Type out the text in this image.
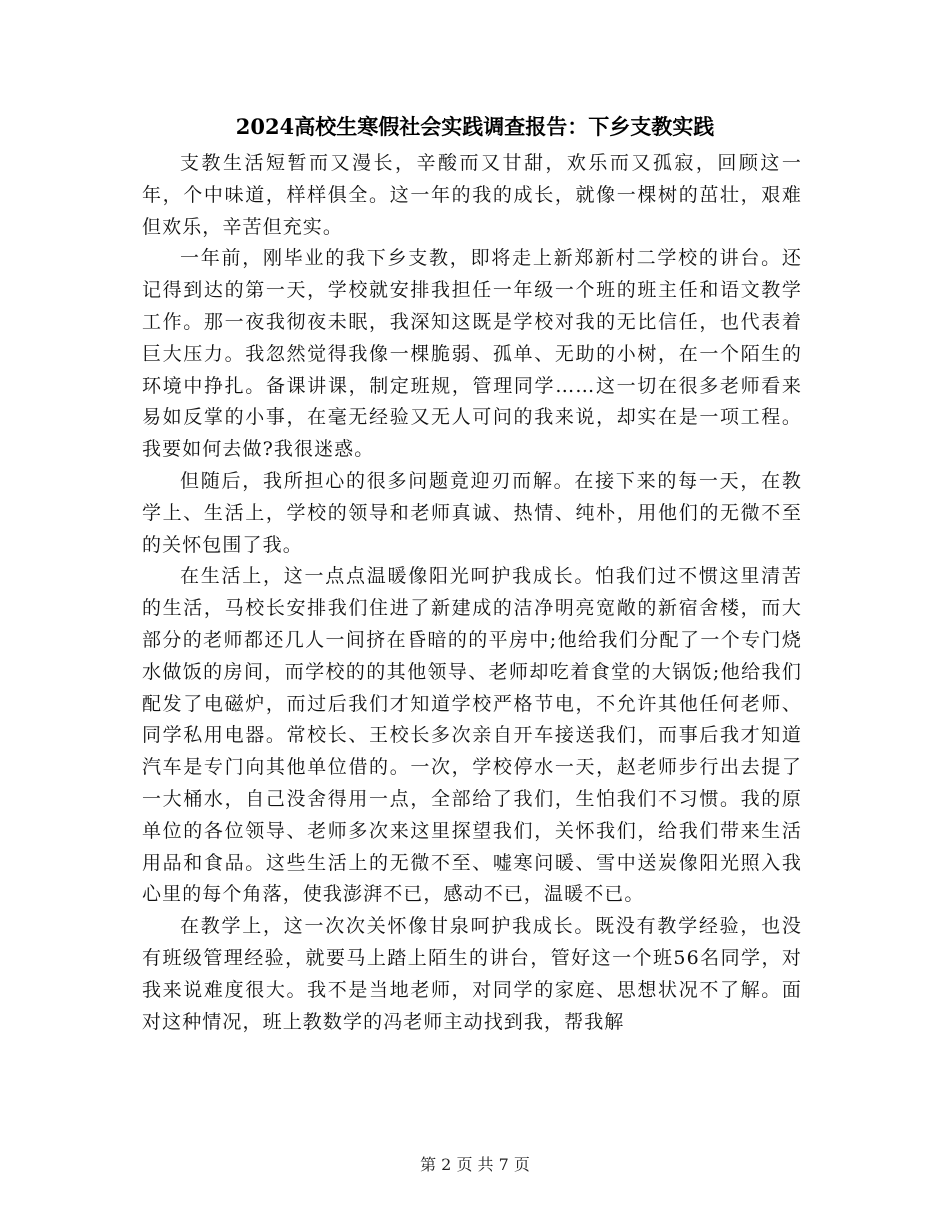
2024高校生寒假社会实践调查报告：下乡支教实践

支教生活短暂而又漫长，辛酸而又甘甜，欢乐而又孤寂，回顾这一年，个中味道，样样俱全。这一年的我的成长，就像一棵树的茁壮，艰难但欢乐，辛苦但充实。

一年前，刚毕业的我下乡支教，即将走上新郑新村二学校的讲台。还记得到达的第一天，学校就安排我担任一年级一个班的班主任和语文教学工作。那一夜我彻夜未眠，我深知这既是学校对我的无比信任，也代表着巨大压力。我忽然觉得我像一棵脆弱、孤单、无助的小树，在一个陌生的环境中挣扎。备课讲课，制定班规，管理同学……这一切在很多老师看来易如反掌的小事，在毫无经验又无人可问的我来说，却实在是一项工程。我要如何去做?我很迷惑。

但随后，我所担心的很多问题竟迎刃而解。在接下来的每一天，在教学上、生活上，学校的领导和老师真诚、热情、纯朴，用他们的无微不至的关怀包围了我。

在生活上，这一点点温暖像阳光呵护我成长。怕我们过不惯这里清苦的生活，马校长安排我们住进了新建成的洁净明亮宽敞的新宿舍楼，而大部分的老师都还几人一间挤在昏暗的的平房中;他给我们分配了一个专门烧水做饭的房间，而学校的的其他领导、老师却吃着食堂的大锅饭;他给我们配发了电磁炉，而过后我们才知道学校严格节电，不允许其他任何老师、同学私用电器。常校长、王校长多次亲自开车接送我们，而事后我才知道汽车是专门向其他单位借的。一次，学校停水一天，赵老师步行出去提了一大桶水，自己没舍得用一点，全部给了我们，生怕我们不习惯。我的原单位的各位领导、老师多次来这里探望我们，关怀我们，给我们带来生活用品和食品。这些生活上的无微不至、嘘寒问暖、雪中送炭像阳光照入我心里的每个角落，使我澎湃不已，感动不已，温暖不已。

在教学上，这一次次关怀像甘泉呵护我成长。既没有教学经验，也没有班级管理经验，就要马上踏上陌生的讲台，管好这一个班56名同学，对我来说难度很大。我不是当地老师，对同学的家庭、思想状况不了解。面对这种情况，班上教数学的冯老师主动找到我，帮我解

第 2 页 共 7 页
